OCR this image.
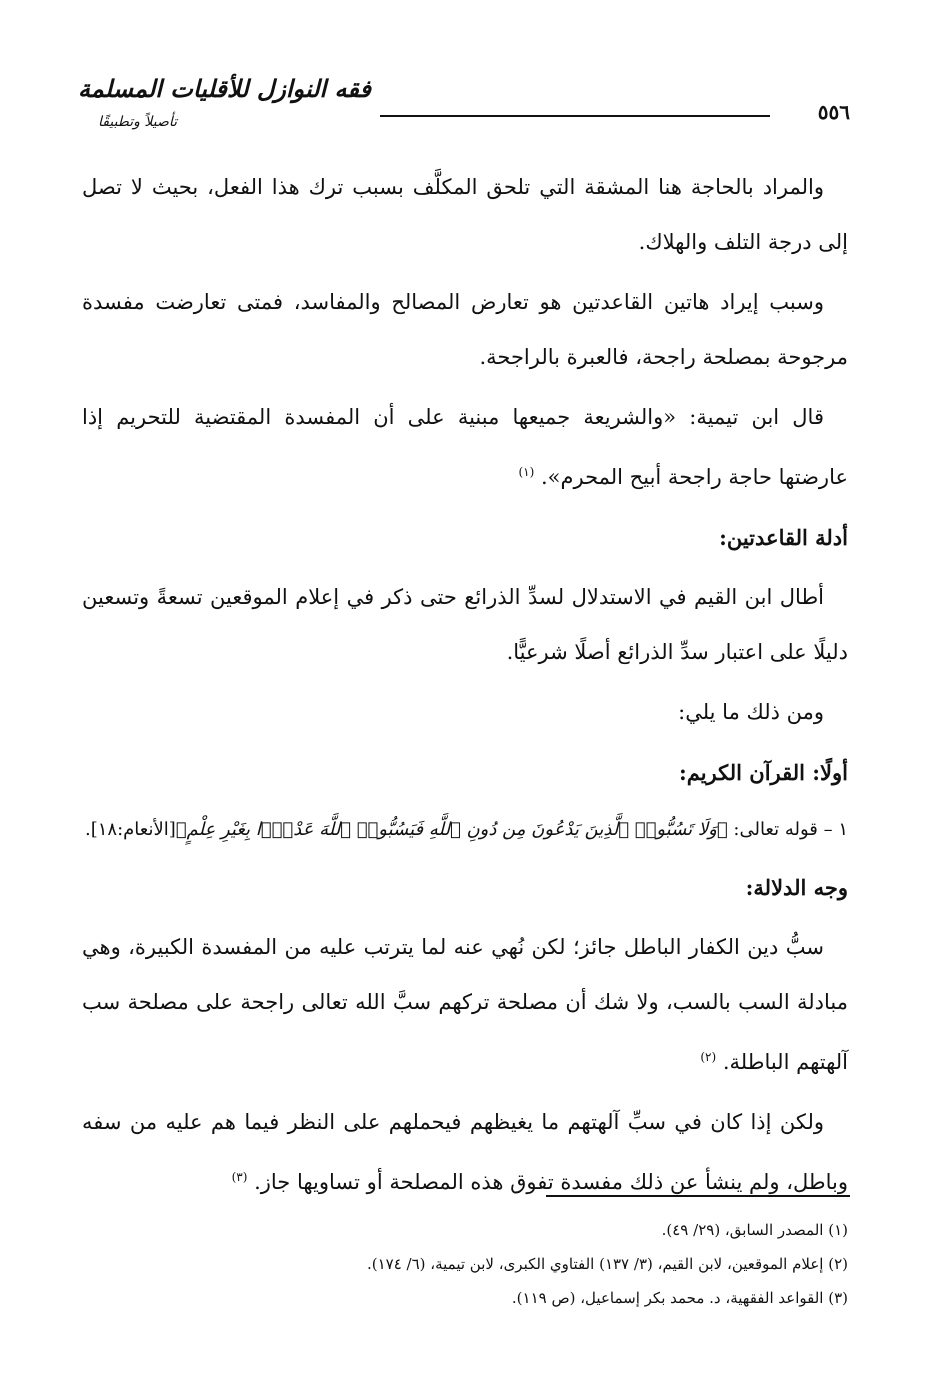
فقه النوازل للأقليات المسلمة
تأصيلاً وتطبيقًا	٥٥٦

والمراد بالحاجة هنا المشقة التي تلحق المكلَّف بسبب ترك هذا الفعل، بحيث لا تصل إلى درجة التلف والهلاك.

وسبب إيراد هاتين القاعدتين هو تعارض المصالح والمفاسد، فمتى تعارضت مفسدة مرجوحة بمصلحة راجحة، فالعبرة بالراجحة.

قال ابن تيمية: «والشريعة جميعها مبنية على أن المفسدة المقتضية للتحريم إذا عارضتها حاجة راجحة أبيح المحرم». $^{(١)}$

أدلة القاعدتين:

أطال ابن القيم في الاستدلال لسدِّ الذرائع حتى ذكر في إعلام الموقعين تسعةً وتسعين دليلًا على اعتبار سدِّ الذرائع أصلًا شرعيًّا.

ومن ذلك ما يلي:

أولًا: القرآن الكريم:
١ – قوله تعالى: ﴿وَلَا تَسُبُّوا۟ ٱلَّذِينَ يَدْعُونَ مِن دُونِ ٱللَّهِ فَيَسُبُّوا۟ ٱللَّهَ عَدْوًۢا بِغَيْرِ عِلْمٍ﴾[الأنعام:١٨].
وجه الدلالة:

سبُّ دين الكفار الباطل جائز؛ لكن نُهي عنه لما يترتب عليه من المفسدة الكبيرة، وهي مبادلة السب بالسب، ولا شك أن مصلحة تركهم سبَّ الله تعالى راجحة على مصلحة سب آلهتهم الباطلة. $^{(٢)}$

ولكن إذا كان في سبِّ آلهتهم ما يغيظهم فيحملهم على النظر فيما هم عليه من سفه وباطل، ولم ينشأ عن ذلك مفسدة تفوق هذه المصلحة أو تساويها جاز. $^{(٣)}$

(١) المصدر السابق، (٢٩/ ٤٩).

(٢) إعلام الموقعين، لابن القيم، (٣/ ١٣٧) الفتاوي الكبرى، لابن تيمية، (٦/ ١٧٤).

(٣) القواعد الفقهية، د. محمد بكر إسماعيل، (ص ١١٩).
